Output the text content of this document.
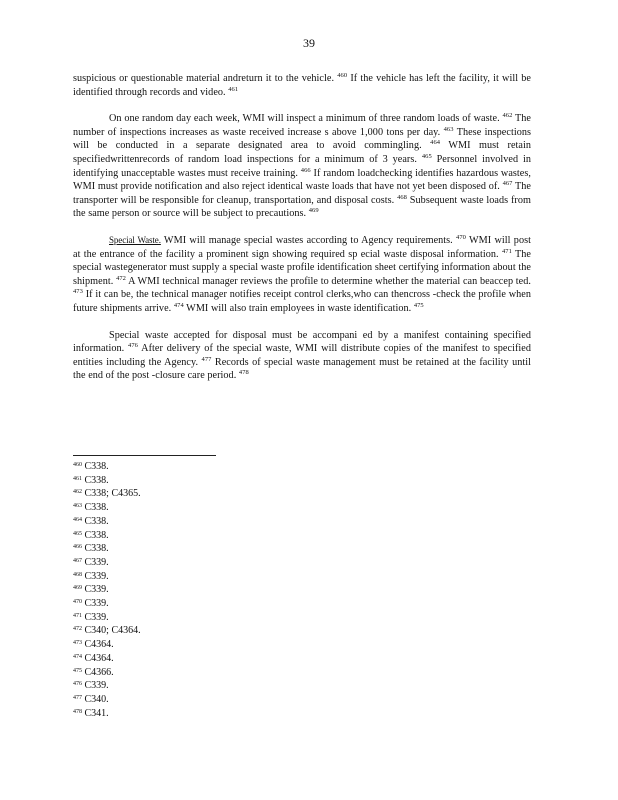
39

suspicious or questionable material andreturn it to the vehicle. $^{460}$ If the vehicle has left the facility, it will be identified through records and video. $^{461}$

On one random day each week, WMI will inspect a minimum of three random loads of waste. $^{462}$ The number of inspections increases as waste received increase s above 1,000 tons per day. $^{463}$ These inspections will be conducted in a separate designated area to avoid commingling. $^{464}$ WMI must retain specifiedwrittenrecords of random load inspections for a minimum of 3 years. $^{465}$ Personnel involved in identifying unacceptable wastes must receive training. $^{466}$ If random loadchecking identifies hazardous wastes, WMI must provide notification and also reject identical waste loads that have not yet been disposed of. $^{467}$ The transporter will be responsible for cleanup, transportation, and disposal costs. $^{468}$ Subsequent waste loads from the same person or source will be subject to precautions. $^{469}$

Special Waste. WMI will manage special wastes according to Agency requirements. $^{470}$ WMI will post at the entrance of the facility a prominent sign showing required sp ecial waste disposal information. $^{471}$ The special wastegenerator must supply a special waste profile identification sheet certifying information about the shipment. $^{472}$ A WMI technical manager reviews the profile to determine whether the material can beaccep ted. $^{473}$ If it can be, the technical manager notifies receipt control clerks,who can thencross -check the profile when future shipments arrive. $^{474}$ WMI will also train employees in waste identification. $^{475}$

Special waste accepted for disposal must be accompani ed by a manifest containing specified information. $^{476}$ After delivery of the special waste, WMI will distribute copies of the manifest to specified entities including the Agency. $^{477}$ Records of special waste management must be retained at the facility until the end of the post -closure care period. $^{478}$

$^{460}$ C338.
$^{461}$ C338.
$^{462}$ C338; C4365.
$^{463}$ C338.
$^{464}$ C338.
$^{465}$ C338.
$^{466}$ C338.
$^{467}$ C339.
$^{468}$ C339.
$^{469}$ C339.
$^{470}$ C339.
$^{471}$ C339.
$^{472}$ C340; C4364.
$^{473}$ C4364.
$^{474}$ C4364.
$^{475}$ C4366.
$^{476}$ C339.
$^{477}$ C340.
$^{478}$ C341.
